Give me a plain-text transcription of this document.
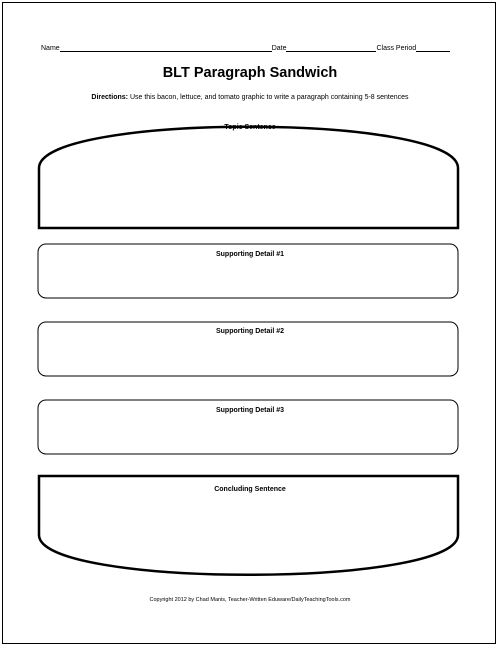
Name	Date	Class Period
BLT Paragraph Sandwich
Directions: Use this bacon, lettuce, and tomato graphic to write a paragraph containing 5-8 sentences
Topic Sentence
Supporting Detail #1
Supporting Detail #2
Supporting Detail #3
Concluding Sentence
Copyright 2012 by Chad Manis, Teacher-Written Eduware/DailyTeachingTools.com
